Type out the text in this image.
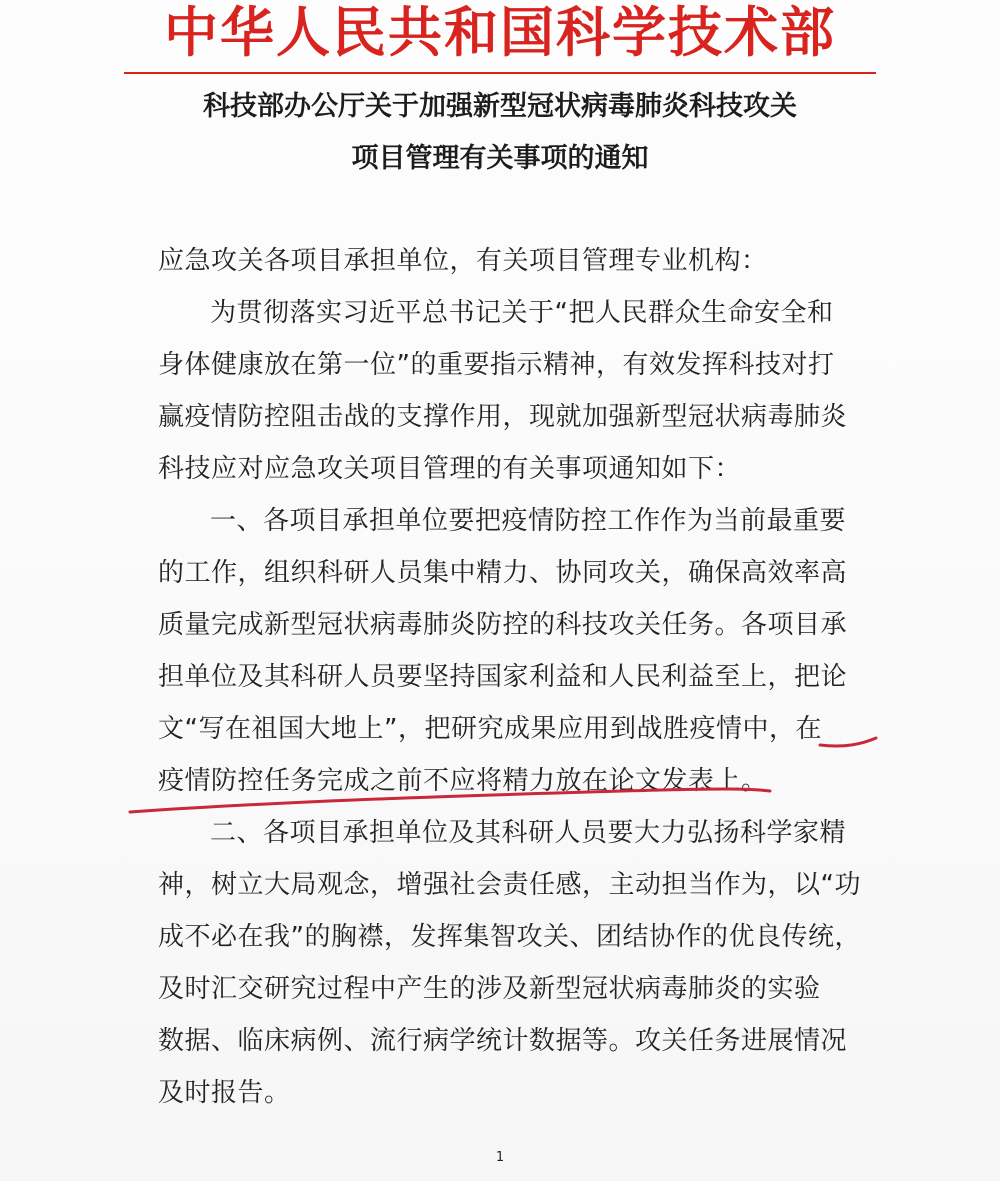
中华人民共和国科学技术部
科技部办公厅关于加强新型冠状病毒肺炎科技攻关
项目管理有关事项的通知
应急攻关各项目承担单位，有关项目管理专业机构：
为贯彻落实习近平总书记关于“把人民群众生命安全和
身体健康放在第一位”的重要指示精神，有效发挥科技对打
赢疫情防控阻击战的支撑作用，现就加强新型冠状病毒肺炎
科技应对应急攻关项目管理的有关事项通知如下：
一、各项目承担单位要把疫情防控工作作为当前最重要
的工作，组织科研人员集中精力、协同攻关，确保高效率高
质量完成新型冠状病毒肺炎防控的科技攻关任务。各项目承
担单位及其科研人员要坚持国家利益和人民利益至上，把论
文“写在祖国大地上”，把研究成果应用到战胜疫情中，在
疫情防控任务完成之前不应将精力放在论文发表上。
二、各项目承担单位及其科研人员要大力弘扬科学家精
神，树立大局观念，增强社会责任感，主动担当作为，以“功
成不必在我”的胸襟，发挥集智攻关、团结协作的优良传统，
及时汇交研究过程中产生的涉及新型冠状病毒肺炎的实验
数据、临床病例、流行病学统计数据等。攻关任务进展情况
及时报告。
1
